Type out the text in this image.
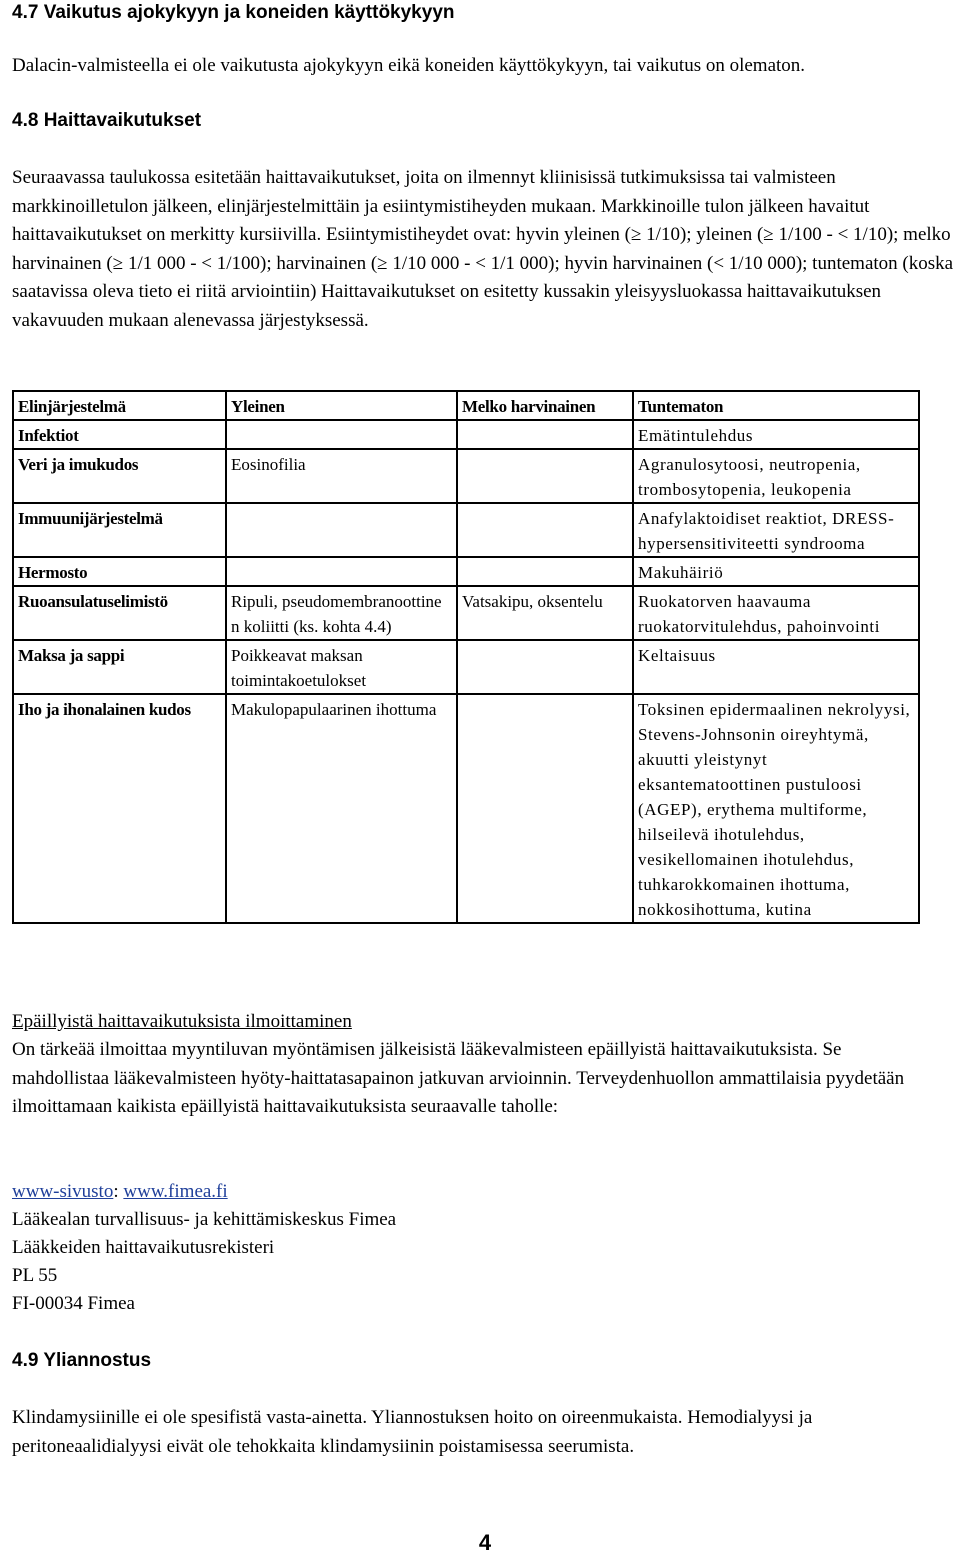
4.7 Vaikutus ajokykyyn ja koneiden käyttökykyyn

Dalacin-valmisteella ei ole vaikutusta ajokykyyn eikä koneiden käyttökykyyn, tai vaikutus on olematon.

4.8 Haittavaikutukset

Seuraavassa taulukossa esitetään haittavaikutukset, joita on ilmennyt kliinisissä tutkimuksissa tai valmisteen markkinoilletulon jälkeen, elinjärjestelmittäin ja esiintymistiheyden mukaan. Markkinoille tulon jälkeen havaitut haittavaikutukset on merkitty kursiivilla. Esiintymistiheydet ovat: hyvin yleinen (≥ 1/10); yleinen (≥ 1/100 - < 1/10); melko harvinainen (≥ 1/1 000 - < 1/100); harvinainen (≥ 1/10 000 - < 1/1 000); hyvin harvinainen (< 1/10 000); tuntematon (koska saatavissa oleva tieto ei riitä arviointiin) Haittavaikutukset on esitetty kussakin yleisyysluokassa haittavaikutuksen vakavuuden mukaan alenevassa järjestyksessä.

Elinjärjestelmä	Yleinen	Melko harvinainen	Tuntematon
Infektiot			Emätintulehdus
Veri ja imukudos	Eosinofilia		Agranulosytoosi, neutropenia, trombosytopenia, leukopenia
Immuunijärjestelmä			Anafylaktoidiset reaktiot, DRESS-hypersensitiviteetti syndrooma
Hermosto			Makuhäiriö
Ruoansulatuselimistö	Ripuli, pseudomembranoottine n koliitti (ks. kohta 4.4)	Vatsakipu, oksentelu	Ruokatorven haavauma ruokatorvitulehdus, pahoinvointi
Maksa ja sappi	Poikkeavat maksan toimintakoetulokset		Keltaisuus
Iho ja ihonalainen kudos	Makulopapulaarinen ihottuma		Toksinen epidermaalinen nekrolyysi, Stevens-Johnsonin oireyhtymä, akuutti yleistynyt eksantematoottinen pustuloosi (AGEP), erythema multiforme, hilseilevä ihotulehdus, vesikellomainen ihotulehdus, tuhkarokkomainen ihottuma, nokkosihottuma, kutina

Epäillyistä haittavaikutuksista ilmoittaminen

On tärkeää ilmoittaa myyntiluvan myöntämisen jälkeisistä lääkevalmisteen epäillyistä haittavaikutuksista. Se mahdollistaa lääkevalmisteen hyöty-haittatasapainon jatkuvan arvioinnin. Terveydenhuollon ammattilaisia pyydetään ilmoittamaan kaikista epäillyistä haittavaikutuksista seuraavalle taholle:

www-sivusto: www.fimea.fi

Lääkealan turvallisuus- ja kehittämiskeskus Fimea

Lääkkeiden haittavaikutusrekisteri

PL 55

FI-00034 Fimea

4.9 Yliannostus

Klindamysiinille ei ole spesifistä vasta-ainetta. Yliannostuksen hoito on oireenmukaista. Hemodialyysi ja peritoneaalidialyysi eivät ole tehokkaita klindamysiinin poistamisessa seerumista.

4
